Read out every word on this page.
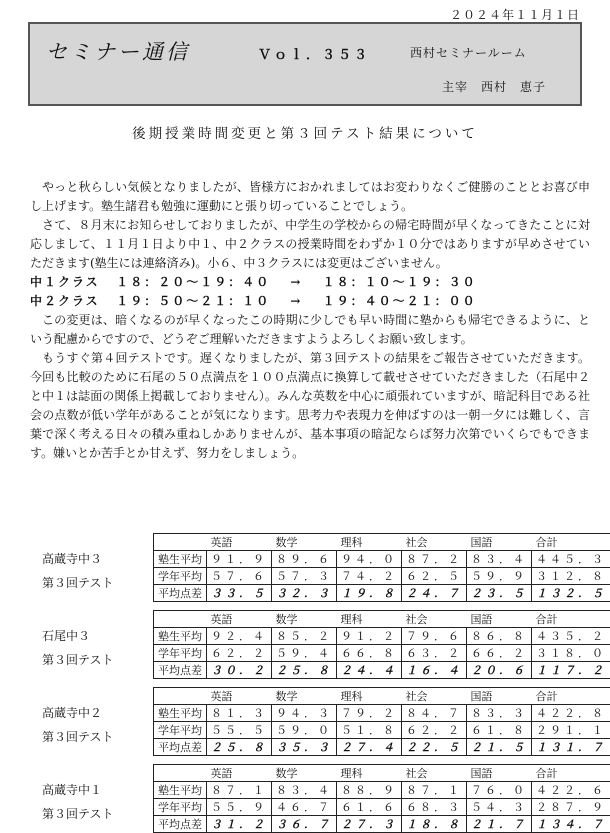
２０２４年１１月１日
セミナー通信	Ｖｏｌ．３５３	西村セミナールーム
主宰　西村　恵子
後期授業時間変更と第３回テスト結果について

やっと秋らしい気候となりましたが、皆様方におかれましてはお変わりなくご健勝のこととお喜び申し上げます。塾生諸君も勉強に運動にと張り切っていることでしょう。

さて、８月末にお知らせしておりましたが、中学生の学校からの帰宅時間が早くなってきたことに対応しまして、１１月１日より中１、中２クラスの授業時間をわずか１０分ではありますが早めさせていただきます(塾生には連絡済み)。小６、中３クラスには変更はございません。

中１クラス １８：２０～１９：４０ → １８：１０～１９：３０
中２クラス １９：５０～２１：１０ → １９：４０～２１：００

この変更は、暗くなるのが早くなったこの時期に少しでも早い時間に塾からも帰宅できるように、という配慮からですので、どうぞご理解いただきますようよろしくお願い致します。

もうすぐ第４回テストです。遅くなりましたが、第３回テストの結果をご報告させていただきます。今回も比較のために石尾の５０点満点を１００点満点に換算して載せさせていただきました（石尾中２と中１は誌面の関係上掲載しておりません）。みんな英数を中心に頑張れていますが、暗記科目である社会の点数が低い学年があることが気になります。思考力や表現力を伸ばすのは一朝一夕には難しく、言葉で深く考える日々の積み重ねしかありませんが、基本事項の暗記ならば努力次第でいくらでもできます。嫌いとか苦手とか甘えず、努力をしましょう。

高蔵寺中３
第３回テスト
	英語	数学	理科	社会	国語	合計
塾生平均	９１．９	８９．６	９４．０	８７．２	８３．４	４４５．３
学年平均	５７．６	５７．３	７４．２	６２．５	５９．９	３１２．８
平均点差	３３．５	３２．３	１９．８	２４．７	２３．５	１３２．５
石尾中３
第３回テスト
	英語	数学	理科	社会	国語	合計
塾生平均	９２．４	８５．２	９１．２	７９．６	８６．８	４３５．２
学年平均	６２．２	５９．４	６６．８	６３．２	６６．２	３１８．０
平均点差	３０．２	２５．８	２４．４	１６．４	２０．６	１１７．２
高蔵寺中２
第３回テスト
	英語	数学	理科	社会	国語	合計
塾生平均	８１．３	９４．３	７９．２	８４．７	８３．３	４２２．８
学年平均	５５．５	５９．０	５１．８	６２．２	６１．８	２９１．１
平均点差	２５．８	３５．３	２７．４	２２．５	２１．５	１３１．７
高蔵寺中１
第３回テスト
	英語	数学	理科	社会	国語	合計
塾生平均	８７．１	８３．４	８８．９	８７．１	７６．０	４２２．６
学年平均	５５．９	４６．７	６１．６	６８．３	５４．３	２８７．９
平均点差	３１．２	３６．７	２７．３	１８．８	２１．７	１３４．７
